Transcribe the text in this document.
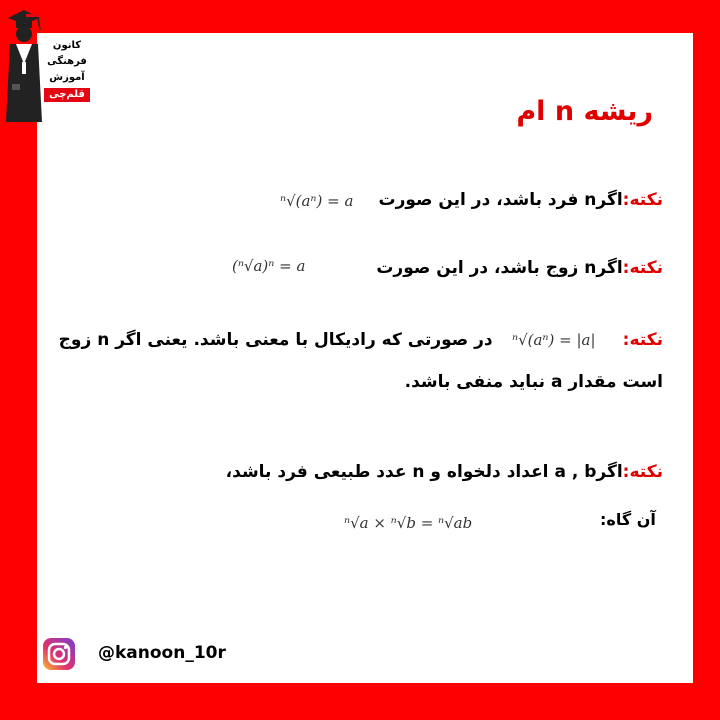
کانون
فرهنگی
آموزش
قلم‌چی
ریشه n ام
نکته:اگرn فرد باشد، در این صورت
ⁿ√(aⁿ) = a
نکته:اگرn زوج باشد، در این صورت
(ⁿ√a)ⁿ = a
نکته:در صورتی که رادیکال با معنی باشد. یعنی اگر n زوج	ⁿ√(aⁿ) = |a|
است مقدار a نباید منفی باشد.
نکته:اگرa , b اعداد دلخواه و n عدد طبیعی فرد باشد،
آن گاه:
ⁿ√a × ⁿ√b = ⁿ√ab
@kanoon_10r
